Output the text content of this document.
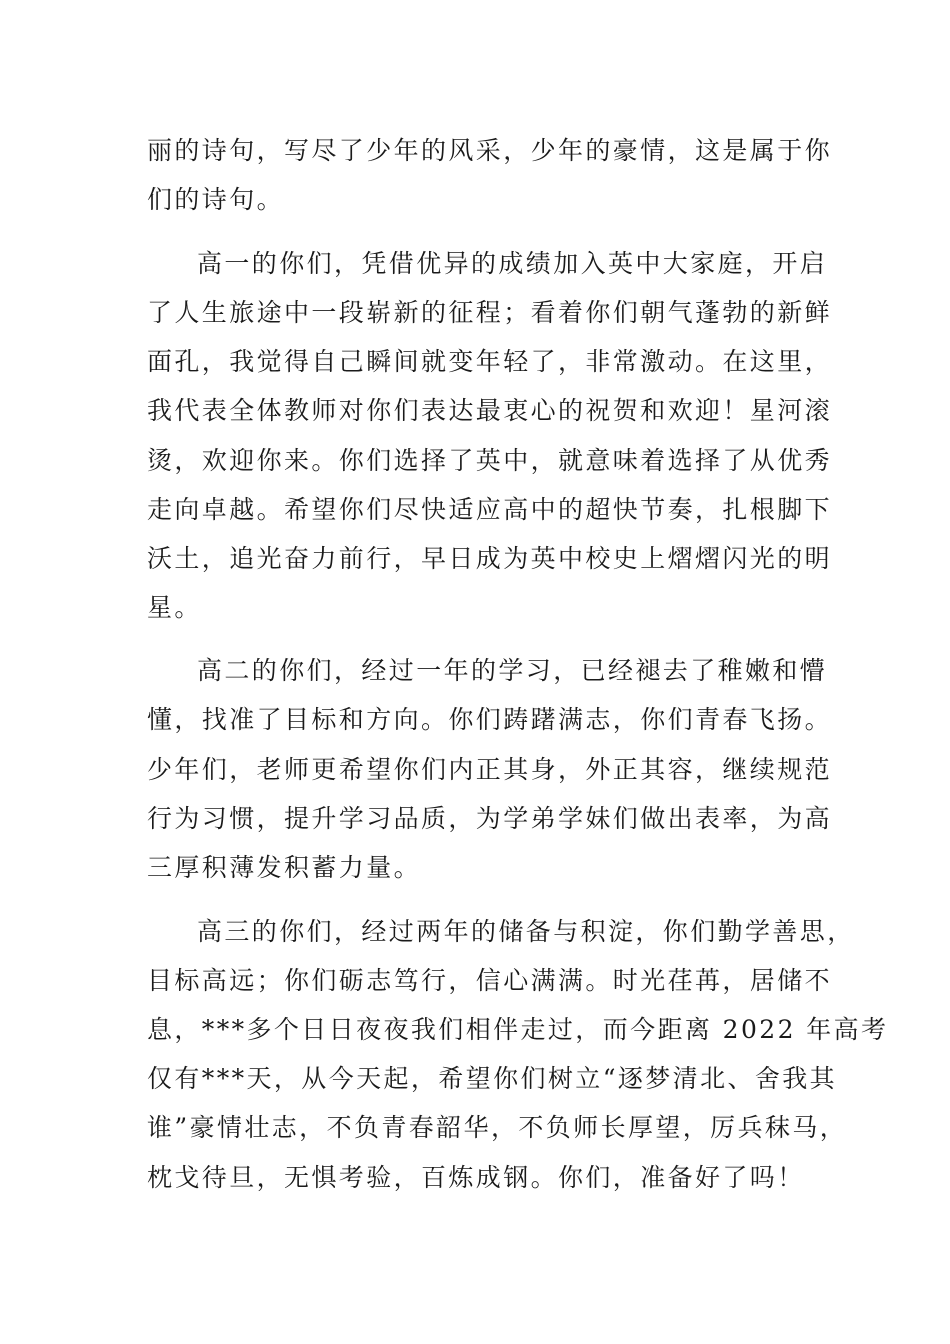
丽的诗句，写尽了少年的风采，少年的豪情，这是属于你
们的诗句。
高一的你们，凭借优异的成绩加入英中大家庭，开启
了人生旅途中一段崭新的征程；看着你们朝气蓬勃的新鲜
面孔，我觉得自己瞬间就变年轻了，非常激动。在这里，
我代表全体教师对你们表达最衷心的祝贺和欢迎！星河滚
烫，欢迎你来。你们选择了英中，就意味着选择了从优秀
走向卓越。希望你们尽快适应高中的超快节奏，扎根脚下
沃土，追光奋力前行，早日成为英中校史上熠熠闪光的明
星。
高二的你们，经过一年的学习，已经褪去了稚嫩和懵
懂，找准了目标和方向。你们踌躇满志，你们青春飞扬。
少年们，老师更希望你们内正其身，外正其容，继续规范
行为习惯，提升学习品质，为学弟学妹们做出表率，为高
三厚积薄发积蓄力量。
高三的你们，经过两年的储备与积淀，你们勤学善思，
目标高远；你们砺志笃行，信心满满。时光荏苒，居储不
息，***多个日日夜夜我们相伴走过，而今距离 2022 年高考
仅有***天，从今天起，希望你们树立“逐梦清北、舍我其
谁”豪情壮志，不负青春韶华，不负师长厚望，厉兵秣马，
枕戈待旦，无惧考验，百炼成钢。你们，准备好了吗！
